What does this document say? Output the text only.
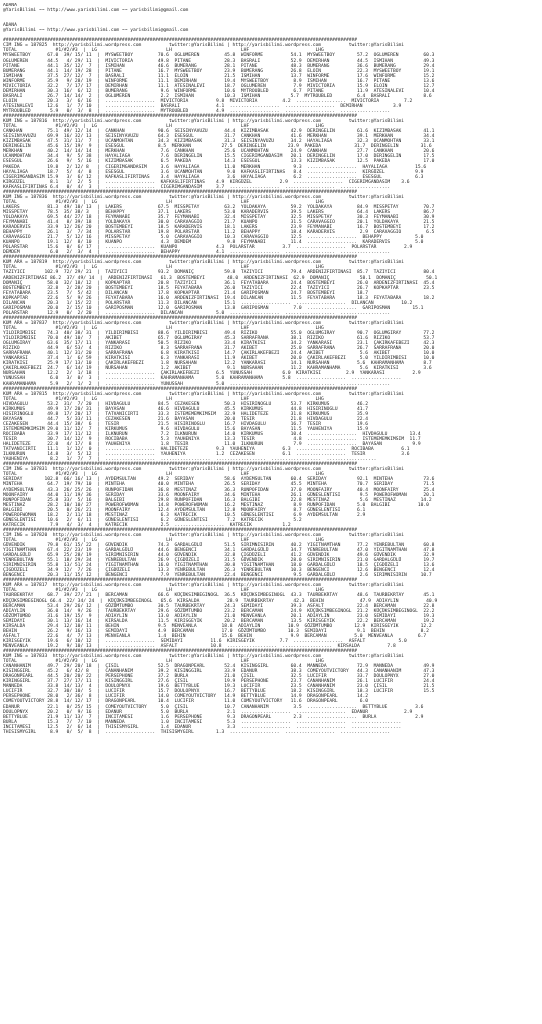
ADANA
@YarisBilimi ~~ http://www.yarisbilimi.com ~~ yarisbilimi@gmail.com
ADANA
@YarisBilimi ~~ http://www.yarisbilimi.com ~~ yarisbilimi@gmail.com
################################################################################################################################
CIM ING = 187825  http://yarisbilimi.wordpress.com          twitter:@YarisBilimi | http://yarisbilimi.wordpress.com          twitter:@YarisBilimi
TOTAL              #1/#2/#3  |  LG                         LH                         LHF                        LHG
MYSWEETBOY      67.0  39/ 15/ 11  |  MYSWEETBOY         70.6  OGLUMEREN         45.8  WINFORME          54.1  MYSWEETBOY        57.2  OGLUMEREN         60.3
OGLUMEREN       44.5   4/ 29/ 11  |  MIVICTORIA         49.8  PITANE            28.3  BASRALI           52.9  DEMIRHAN          44.5  ISMIHAN           49.3
PITANE          44.1  35/ 12/  7  |  ISMIHAN            46.6  BUMERANG          28.1  PITANE            48.3  BUMERANG          36.6  BUMERANG          29.4
BUMERANG        44.1  14/ 19/ 28  |  PITANE             16.7  MYSWEETBOY        23.9  BUMERANG          26.8  ELOIN             22.3  MYSWEETBOY        19.1
ISMIHAN         37.5  27/ 12/  7  |  BASRALI            11.1  ELOIN             21.5  ISMIHAN           13.7  WINFORME          17.6  WINFORME          15.2
WINFORME        35.9   9/ 28/ 19  |  WINFORME           11.1  DEMIRHAN          19.4  MYSWEETBOY         8.9  ISMIHAN           16.7  PITANE            13.6
MIVICTORIA      32.2   7/ 17/ 17  |  DEMIRHAN           11.1  ATESINALEVI       18.7  OGLUMEREN          7.9  MIVICTORIA        15.9  ELOIN             12.7
DEMIRHAN        30.3  16/  6/ 12  |  BUMERANG            9.6  WINFORME          10.6  MYTROUBLED         6.7  PITANE            11.9  ATESINALEVI       10.4
BASRALI         26.7  14/ 14/  2  |  OGLUMEREN           2.2  ISMIHAN           10.3  ISMIHAN           5.7  MYTROUBLED         6.4  BASRALI            8.6
ELOIN           20.3   3/  6/ 16  |  ..................  MIVICTORIA          9.8  MIVICTORIA         4.2  ..................  MIVICTORIA         7.2
ATESINALEVI     12.6   1/  7/ 10  |  ..................  BASRALI             4.1  ..................  ..................  DEMIRHAN           3.9
MYTROUBLED       5.9   0/  3/  8  |  ..................  MYTROUBLED          4.9  ..................  ..................  ..................
################################################################################################################################
KUM ING = 187816  http://yarisbilimi.wordpress.com          twitter:@YarisBilimi | http://yarisbilimi.wordpress.com          twitter:@YarisBilimi
TOTAL              #1/#2/#3  |  LG                         LH                         LHF                        LHG
CANKHAN         75.1  49/ 12/ 14  |  CANKHAN            90.6  SEISINYAVUZU      44.4  KIZIMBASAK        42.9  DERINGELIN        61.6  KIZIMBASAK        41.1
SEISINYAVUZU    69.9  16/ 32/ 13  |  SEISINYAVUZU       64.3  ESESGUL           31.7  CANKHAN           41.6  MERKHAN           39.1  MERKHAN           34.4
KIZIMBASAK      47.5  31/ 11/  7  |  UCANMOHTAN         34.3  KIZIMBASAK        31.3  SEISINYAVUZU      34.2  HAYALIAGA         32.3  UCANMOHTAN        33.1
DERINGELIN      45.6  15/ 19/  9  |  ESESGUL            8.5  MERKHAN           27.5  DERINGELIN        23.9  PAKEDA            31.7  DERINGELIN        31.6
MERKHAN         40.2  14/ 14/ 14  |  MERKHAN             7.6  CANKHAN           25.6  UCANMOHTAN        24.9  CANKHAN           27.7  CANKHAN           20.6
UCANMOHTAN      34.4   9/  5/ 38  |  HAYALIAGA           7.6  DERINGELIN        15.5  CIGERIMGANDASIM   20.1  DERINGELIN        17.0  DERINGELIN        17.5
ESESGUL         26.6   9/  5/ 16  |  KIZIMBASAK          6.5  PAKEDA            14.3  ESESGUL           13.3  KIZIMBASAK        12.5  PAKEDA            17.0
PAKEDA          19.8   2/ 12/ 8   |  CIGERIMGANDASIM     3.6  HAYALIAGA         11.0  MERKHAN            9.3  ..................  HAYALIAGA          15.6
HAYALIAGA       18.7   5/  4/  8  |  ESESGUL             3.6  UCANMOHTAN         9.0  KAFKASLIFIRTINAS   8.4  ..................  KIRGÜZEL           9.9
CIGERIMGANDASIM 15.9   3/  6/ 12  |  KAFKASLIFIRTINAS    3.4  HAYALIAGA          3.6  HAYALIAGA          6.2  ..................  ESESGUL            6.3
KIRGÜZEL         8.1   1/  2/  5  |  ..................  KAFKASLIFIRTINAS    4.9  KIRGÜZEL          2.9  ..................  CIGERIMGANDASIM    3.6
KAFKASLIFIRTINAS 6.4   0/  4/  3  |  ..................  CIGERIMGANDASIM     3.7  ..................  ..................  ..................
################################################################################################################################
KUM ING = 187836  http://yarisbilimi.wordpress.com          twitter:@YarisBilimi | http://yarisbilimi.wordpress.com          twitter:@YarisBilimi
TOTAL              #1/#2/#3  |  LG                         LH                         LHF                        LHG
LAKERS          81.3  49/ 10/ 13  |  LAKERS             67.5  MISSPETAY         63.2  YOLDAKAYA         59.2  YOLDAKAYA         84.9  MISSPETAY         70.7
MISSPETAY       78.5  35/ 38/ 3   |  BEHAPPY            37.1  LAKERS            53.0  KARADERVIS        39.5  LAKERS            64.4  LAKERS            86.7
YOLDAKAYA       69.5  44/ 27/ 18  |  FEYMANABI          35.7  FEYMANABI         32.4  MISSPETAY         32.5  MISSPETAY         30.3  FEYMANABI         30.9
FEYMANABI       41.4   8/ 39/ 18  |  YOLDAKAYA          30.0  CARAVAGGIO        21.7  KUANPO            31.5  CARAVAGGIO        20.1  YOLDAKAYA         21.5
KARADERVIS      33.9  12/ 26/ 20  |  BOSTEMBEYI         18.5  KARADERVIS        18.1  LAKERS            23.9  FEYMANABI         16.7  BOSTEMBEYI        17.2
BEHAPPY         26.1   3/  7/ 34  |  POLARSTAR          19.8  POLARSTAR         11.2  BEHAPPY           18.4  KARADERVIS         2.9  CARAVAGGIO         6.5
CARAVAGGIO      21.7   5/ 12/ 16  |  MISSPETAY           5.0  CARAVAGGIO        10.3  CARAVAGGIO        12.5  ..................  BEHAPPY            5.0
KUANPO          19.1  12/  8/ 10  |  KUANPO              4.3  DEMDEM             9.8  FEYMANABI         11.4  ..................  KARADERVIS         5.0
POLARSTAR       15.6   0/  6/ 17  |  ..................  KUANPO              4.3  POLARSTAR          3.7  ..................  POLARSTAR          2.9
DEMDEM           6.0   2/  3/  4  |  ..................  BEHAPPY             4.1  ..................  ..................  ..................
################################################################################################################################
KUM ARA = 187819  http://yarisbilimi.wordpress.com          twitter:@YarisBilimi | http://yarisbilimi.wordpress.com          twitter:@YarisBilimi
TOTAL              #1/#2/#3  |  LG                         LH                         LHF                        LHG
TAZIYICI       102.9  72/ 29/ 21  |  TAZIYICI           93.2  DOMANIÇ           59.8  TAZIYICI          79.4  ARDENIZFIRTINASI  85.7  TAZIYICI          80.4
ARDENIZFIRTINASI 86.2  37/ 49/ 14  |  ARDENIZFIRTINASI   61.3  BOSTEMBEYI        48.0  ARDENIZFIRTINASI  62.9  DOMANIÇ           58.1  DOMANIÇ           50.1
DOMANIÇ         58.0  32/ 18/ 12  |  KOPKAPTAR          20.8  TAZIYICI          36.1  FEYATABARA        24.4  BOSTEMBEYI        26.0  ARDENIZFIRTINASI  45.4
BOSTEMBEYI      32.8   2/ 28/ 20  |  BOSTEMBEYI         18.5  FEYATABARA        26.0  TAZIYICI          22.4  TAZIYICI          26.7  KOPKAPTAR         23.5
FEYATABARA      23.5   7/  5/ 42  |  DILANCAN           17.8  KOPKAPTAR         21.4  GARIPOSMAN        24.7  BOSTEMBEYI        18.7
KOPKAPTAR       22.6   5/  9/ 26  |  FEYATABARA         16.0  ARDENIZFIRTINASI  19.4  DILANCAN          11.5  FEYATABARA        18.3  FEYATABARA        18.2
DILANCAN        20.3   1/ 15/ 22  |  POLARSTAR          11.3  DILANCAN          15.1  ..................  ..................  DILANCAN          10.2
GARIPOSMAN      20.0   2/ 15/ 10  |  GARIPOSMAN         12.0  GARIPOSMAN        13.8  GARIPOSMAN         7.0  ..................  GARIPOSMAN        15.1
POLARSTAR       12.9   0/  2/ 20  |  ..................  DILANCAN            5.0  ..................  ..................  ..................
################################################################################################################################
KUM ARA = 187837  http://yarisbilimi.wordpress.com          twitter:@YarisBilimi | http://yarisbilimi.wordpress.com          twitter:@YarisBilimi
TOTAL              #1/#2/#3  |  LG                         LH                         LHF                        LHG
YILDIRIMBISI    74.3  40/ 38/ 31  |  YILDIRIMBISI       88.6  YILDIRIMBISI      49.4  RIZIKO            55.0  OGLUMGIRAY        90.7  OGLUMGIRAY        77.2
YILDIRIMBISI    70.0  49/ 10/  7  |  AKIBET             65.7  OGLUMGIRAY        45.3  SARRAFRANA        38.1  RIZIKO            61.6  RIZIKO            53.7
OGLUMGIRAY      63.6  35/ 17/ 11  |  YANKARASI          50.5  RIZIKO            33.4  KIRATKISI         34.2  YANKARASI         23.1  ÇAKIRKAFEBEZI     42.3
RIZIKO          44.9   6/ 53/  4  |  RIZIKO              8.3  SARRAFRANA        31.7  AKIBET            25.0  SARRAFRANA        26.7  SARRAFRANA        20.0
SARRAFRANA      40.1  12/ 31/ 20  |  SARRAFRANA          6.8  KIRATKISI         14.7  ÇAKIRLAKEFBEZI    24.4  AKIBET             5.6  AKIBET            10.0
YANKARASI       37.4   1/  6/ 59  |  KIRATKISI           6.3  YANKARASI         11.9  AKIBET            20.0  ÇAKIRLAKEFBEZI     5.0  YILDIRIMBISI      10.0
KIRATKISI       25.9  17/ 13/ 10  |  ÇAKIRLAKEFBEZI      1.8  NURSAHAN          12.2  YANKARASI         14.1  NURSAHAN          5.6  KAHRAMANHAMA       8.7
ÇAKIRLAKEFBEZI  24.7   6/ 14/ 19  |  NURSAHAN            1.2  AKIBET             9.1  NURSAHAN          11.2  KAHRAMANHAMA       5.6  KIRATKISI         3.6
NURSAHAN        12.2   2/  1/ 18  |  ..................  ÇAKIRLAKEFBEZI      6.5  YUNUSSAH           6.0  KIRATKISI         2.9  YANKARASI          2.9
YUNUSSAH         6.0   3/  0/  3  |  ..................  KAHRAMANHAMA        5.0  KAHRAMANHAMA       5.8  ..................  ..................
KAHRAMANHAMA     5.9   2/  1/  2  |  ..................  YUNUSSAH            5.0  ..................  ..................  ..................
################################################################################################################################
KUM ARA = 187815  http://yarisbilimi.wordpress.com          twitter:@YarisBilimi | http://yarisbilimi.wordpress.com          twitter:@YarisBilimi
TOTAL              #1/#2/#3  |  LG                         LH                         LHF                        LHG
HIVDAGULU       53.2  31/  7/ 20  |  HIVDAGULU          84.5  CEZAKESEN         50.3  HISIRINOGLU       53.7  KIRKUMUS          46.2
KIRKUMUS        49.9  17/ 20/ 31  |  BAYASAN            46.6  HIVDAGULU         45.5  KIRKUMUS          44.8  HISIRINOGLU       41.7
HISIRINOGLU     49.8  17/ 20/ 17  |  TATVANICIRTI       33.3  ISTEMEMEMKIMSIM   32.9  HALIDETEZE        31.8  KIRKUMUS          35.9
BAYASAN         44.7   5/ 33/ 11  |  CEZAKESEN          21.6  BAYASAN           20.0  TESIR             21.8  HIVDAGULU         22.4
CEZAKESEN       44.4  15/ 38/  6  |  TESIR              21.5  HISIRINOGLU       16.7  HIVDAGULU         16.7  TESIR             19.6
ISTEMEMEMKIMSIM 29.0  11/ 12/  7  |  KIRKUMUS            9.6  HIVDAGULU         15.6  BAYASAN           11.5  YAUHENIYA         15.9
ROCIBABA        33.9  17/ 11/ 12  |  ILKNURUN            7.2  ILKNURUN          14.0  KIRKUMUS          10.4  ..................  HIVDAGULU        13.4
TESIR           30.7  14/ 12/  9  |  ROCIBABA            5.3  YAUHENIYA         13.3  TESIR              4.8  ..................  ISTEMEMEMKIMSIM  11.7
HALIDETEZE      22.0   4/ 17/  8  |  YAUHENIYA           1.8  TESIR             11.0  ILKNURUN           7.9  ..................  BAYASAN           9.9
TATVANICIRTI    11.1   1/ 12/  0  |  ..................  HALIDETEZE          9.3  YAUHENIYA          6.3  ..................  ROCIBABA          6.1
ILKNURUN        14.8   3/  5/ 12  |  ..................  YAUHENIYA           1.2  CEZAKESEN          6.1  ..................  TESIR             3.6
YAUHENIYA        8.2   1/  7/  7  |  ..................  ..................  ..................  ..................  ..................
################################################################################################################################
CIM ING = 187831  http://yarisbilimi.wordpress.com          twitter:@YarisBilimi | http://yarisbilimi.wordpress.com          twitter:@YarisBilimi
TOTAL              #1/#2/#3  |  LG                         LH                         LHF                        LHG
SERIDAY        102.8  66/ 16/ 13  |  AYDEMSULTAN        49.2  SERIDAY           58.6  AYDEMSULTAN       60.4  SERIDAY           92.1  MINTEHA           73.6
MINTEHA         64.7  19/ 79/ 10  |  MINTEHA            40.0  MINTEHA           26.5  SERIDAY           45.5  MINTEHA           70.7  SERIDAY           71.5
AYDEMSULTAN     43.3  26/ 25/ 26  |  RUNPOFIDAN         36.8  MESTINAZ          36.3  RUNPOFIDAN        37.0  MOONFAIRY         40.4  MOONFAIRY         25.4
MOONFAIRY       44.0  11/ 19/ 36  |  SERIDAY            33.6  MOONFAIRY         34.6  MINTEHA           26.1  GÜNESLENTISI       9.5  POWEROFWOMAN      20.1
RUNPOFIDAN      25.8  33/  5/ 16  |  BALGIBI            29.8  RUNPOFIDAN        16.3  BALGIBI           22.8  MESTINAZ           5.6  MESTINAZ         14.2
MESTINAZ        28.2  10/ 10/ 27  |  POWEROFWOMAN       14.8  POWEROFWOMAN      16.2  MESTINAZ           8.9  RUNPOFIDAN        5.0  BALGIBI          10.0
BALGIBI         20.5   0/ 26/ 21  |  MOONFAIRY          12.4  AYDEMSULTAN       12.8  MOONFAIRY          8.7  GÜNESLENTISI      6.1
POWEROFWOMAN    18.2   2/ 11/ 18  |  MESTINAZ            6.3  KATRECIK          10.5  GÜNESLENTISI       6.9  AYDEMSULTAN       2.9
GÜNESLENTISI    10.6   2/  6/ 11  |  GÜNESLENTISI        6.2  GÜNESLENTISI       7.2  KATRECIK           5.2
KATRECIK         7.9   4/  3/  4  |  KATRECIK            2.5  ..................  KATRECIK           1.2
################################################################################################################################
CIM ING = 187820  http://yarisbilimi.wordpress.com          twitter:@YarisBilimi | http://yarisbilimi.wordpress.com          twitter:@YarisBilimi
TOTAL              #1/#2/#3  |  LG                         LH                         LHF                        LHG
GÜVENDIK        79.8  61/ 15/ 22  |  GÜVENDIK           74.3  GARDALGÜLÜ        51.5  SIRIMNISIRIN      40.2  YIGITNAMTHAN      77.2  YENREBULTAN       60.8
YIGITNAMTHAN    67.4  22/ 23/ 19  |  GARDALGÜLÜ         44.6  BENGENCI          34.1  GARDALGÜLÜ        34.7  YENREBULTAN       47.0  YIGITNAMTHAN      47.8
GARDALGÜLÜ      65.9  25/ 28/ 19  |  SIRIMNISIRIN       44.0  GÜVENDIK          32.8  ÇIGDÜZELI         41.2  GÜVENDIK          49.6  GÜVENDIK          32.9
YENREBULTAN     55.1  18/ 29/ 34  |  YENREBULTAN        26.9  ÇIGDÜZELI         31.5  GÜVENDIK          28.0  SIRIMNISIRIN      21.0  GARDALGÜLÜ        19.7
SIRIMNISIRIN    55.8  13/ 51/ 24  |  YIGITNAMTHAN       16.0  YIGITNAMTHAN      30.8  YIGITNAMTHAN      18.0  GARDALGÜLÜ        18.5  ÇIGDÜZELI         13.6
ÇIGDÜZELI       34.9  12/  7/ 26  |  ÇIGDÜZELI          13.3  YENREBULTAN       26.3  YENREBULTAN       10.3  BENGENCI          12.6  BENGENCI          12.4
BENGENCI        20.3  11/ 15/ 12  |  BENGENCI            7.9  YENREBULTAN       22.4  BENGENCI           9.5  GARDALGÜLÜ         2.6  SIRIMNISIRIN     10.7
################################################################################################################################
KUM ARA = 187817  http://yarisbilimi.wordpress.com          twitter:@YarisBilimi | http://yarisbilimi.wordpress.com          twitter:@YarisBilimi
TOTAL              #1/#2/#3  |  LG                         LH                         LHF                        LHG
TAURBEKRTAY     68.7  39/ 27/ 21  |  BERCAMAN           66.6  KÜÇÜKSIMBEGINOGL  36.5  KÜÇÜKSIMBEGINOGL  43.3  TAURBEKRTAY       48.6  TAURBEKRTAY       45.1
KÜÇÜKSIMBEGINOGL 66.4  22/ 34/ 24  |  KÜÇÜKSIMBEGINOGL   65.6  KIRSALDA          28.9  TAURBEKRTAY       42.3  BEHIN             47.9  ADIAYLIN          40.9
BERCAMAN        53.4  29/ 26/ 12  |  GÖZÜMTUMBO         30.5  TAURBEKRTAY       24.3  SEMIDAYI          39.3  ASFALT            22.4  BERCAMAN          22.8
ADIAYLIN        36.0  14/  9/ 26  |  TAURBEKRTAY        29.6  GÖZÜMTUMBO        23.2  BERCAMAN          24.9  KÜÇÜKSIMBEGINOGL  21.2  KÜÇÜKSIMBEGINOGL  22.2
GÖZÜMTUMBO      31.6  19/ 15/  9  |  ADIAYLIN           13.0  ADIAYLIN          21.0  MENVEANLA         20.1  ADIAYLIN          23.0  SEMIDAYI          19.3
SEMIDAYI        30.1  13/ 16/ 14  |  KIRSALDA           11.5  KIRISGEYIK        20.2  BERCAMAN          13.5  KIRISGEYIK        22.2  BERCAMAN          19.2
KIRSALDA        29.4  12/ 10/ 11  |  BEHIN              9.5  MENVEANLA         18.8  ADIAYLIN          10.9  GÖZÜMTUMBO        12.9  KIRISGEYIK        12.2
BEHIN           26.2   9/ 16/ 13  |  SEMIDAYI           4.9  BERCAMAN          17.0  GÖZÜMTUMBO        10.3  SEMIDAYI           9.1  BEHIN             8.2
ASFALT          22.6   4/  7/ 13  |  MENVEANLA          1.4  BEHIN             15.6  BEHIN              9.9  BERCAMAN          5.0  MENVEANLA         6.7
KIRISGEYIK      19.6   6/ 10/ 12  |  ..................  SEMIDAYI          11.6  KIRISGEYIK         7.7  ..................  ASFALT            5.0
MENVEANLA       19.2   9/ 10/ 13  |  ..................  ASFALT            10.8  ..................  ..................  KIRSALDA          7.8
################################################################################################################################
KUM ING = 187833  http://yarisbilimi.wordpress.com          twitter:@YarisBilimi | http://yarisbilimi.wordpress.com          twitter:@YarisBilimi
TOTAL              #1/#2/#3  |  LG                         LH                         LHF                        LHG
CANANHANIM      49.7  29/ 20/ 18  |  ÇISIL              52.5  DRAGONPEARL       52.4  KISINGGIRL        60.4  MANNEDA           72.9  MANNEDA           49.9
KISINGGIRL      45.2   6/ 42/ 8   |  CANANHANIM         39.2  KISINGGIRL        33.9  EDANUR            38.3  COMEYOUTVICTORY   44.3  CANANHANIM        47.3
DRAGONPEARL     44.5  20/ 20/ 22  |  PERSEPHONE         37.2  BURLA             21.0  ÇISIL             32.5  LUCIFIR           33.7  DOULOPNYX         27.0
KIRINGGIRL      37.7  27/ 17/ 11  |  KISINGGIRL         27.6  ÇISIL             19.9  PERSEPHONE        23.7  CANANHANIM        26.1  LUCIFIR           24.4
MANNEDA         33.8  14/ 13/  4  |  DOULOPNYX          19.6  BETTYBLUE         19.3  LUCIFIR           23.5  CANANHANIM        23.0  ÇISIL             21.5
LUCIFIR         32.7  30/ 10/  5  |  LUCIFIR            15.7  DOULOPNYX         16.7  BETTYBLUE         18.2  KISINGGIRL        18.3  LUCIFIR           15.5
PERSEPHONE      28.0   2/ 36/  8  |  LUCIFIR            14.0  COMEYOUTVICTORY   14.9  BETTYBLUE         14.9  DRAGONPEARL       14.2
COMEYOUTVICTORY 28.8  14/ 12/ 17  |  DRAGONPEARL        10.4  LUCIFIR           11.0  COMEYOUTVICTORY   11.6  DRAGONPEARL        6.0
EDANUR          22.1   0/ 25/ 15  |  COMEYOUTVICTORY     5.0  ÇISIL             10.7  CANANHANIM         3.5  ..................  BETTYBLUE          3.6
DOULOPNYX       20.2   0/  9/ 16  |  EDANUR              5.0  BURLA              2.1  ..................  ..................  EDANUR             2.9
BETTYBLUE       21.9  11/ 13/  7  |  INCITAMESI          1.6  PERSEPHONE         9.3  DRAGONPEARL        2.3  ..................  BURLA              2.9
BURLA           15.3   7/  7/ 10  |  MANNEDA             1.0  INCITAMESI         5.3  ..................  ..................  ..................
INCITAMESI      12.5   2/  6/ 14  |  THISISMYGIRL        1.4  EDANUR             3.3  ..................  ..................  ..................
THISISMYGIRL     8.9   0/  5/  8  |  ..................  THISISMYGIRL        1.3  ..................  ..................  ..................
